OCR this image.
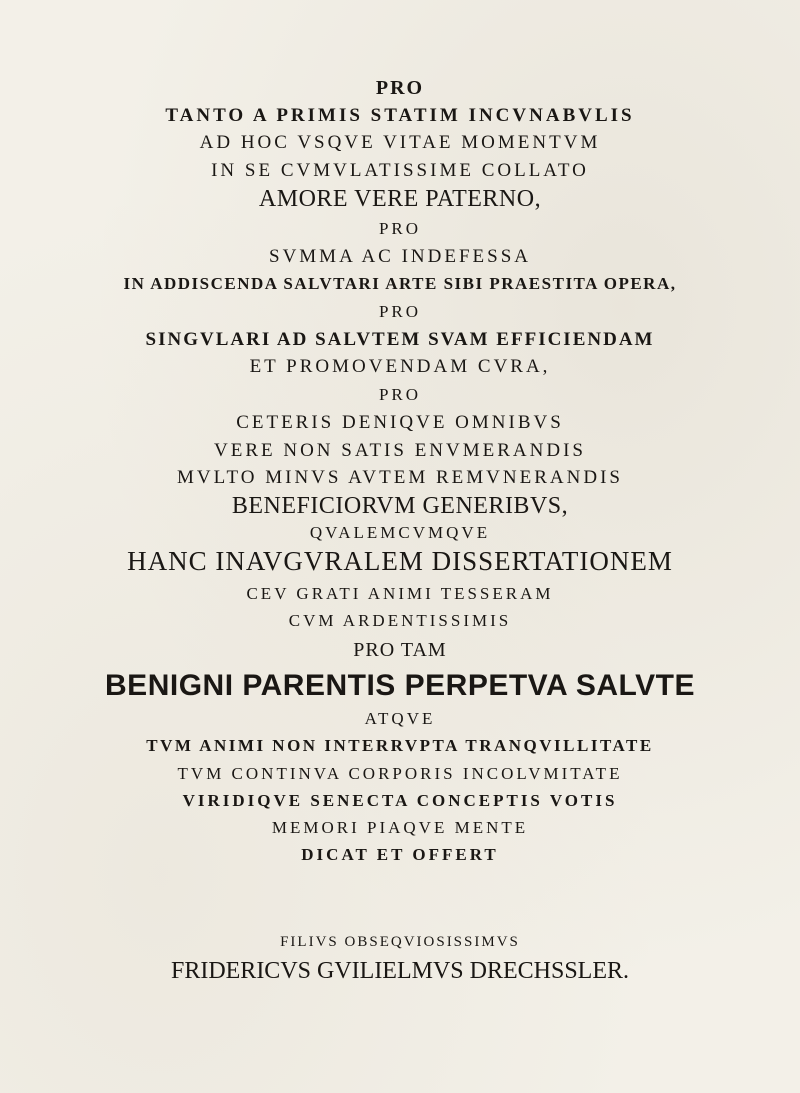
PRO
TANTO A PRIMIS STATIM INCVNABVLIS
AD HOC VSQVE VITAE MOMENTVM
IN SE CVMVLATISSIME COLLATO
AMORE VERE PATERNO,
PRO
SVMMA AC INDEFESSA
IN ADDISCENDA SALVTARI ARTE SIBI PRAESTITA OPERA,
PRO
SINGVLARI AD SALVTEM SVAM EFFICIENDAM
ET PROMOVENDAM CVRA,
PRO
CETERIS DENIQVE OMNIBVS
VERE NON SATIS ENVMERANDIS
MVLTO MINVS AVTEM REMVNERANDIS
BENEFICIORVM GENERIBVS,
QVALEMCVMQVE
HANC INAVGVRALEM DISSERTATIONEM
CEV GRATI ANIMI TESSERAM
CVM ARDENTISSIMIS
PRO TAM
BENIGNI PARENTIS PERPETVA SALVTE
ATQVE
TVM ANIMI NON INTERRVPTA TRANQVILLITATE
TVM CONTINVA CORPORIS INCOLVMITATE
VIRIDIQVE SENECTA CONCEPTIS VOTIS
MEMORI PIAQVE MENTE
DICAT ET OFFERT
FILIVS OBSEQVIOSISSIMVS
FRIDERICVS GVILIELMVS DRECHSSLER.
